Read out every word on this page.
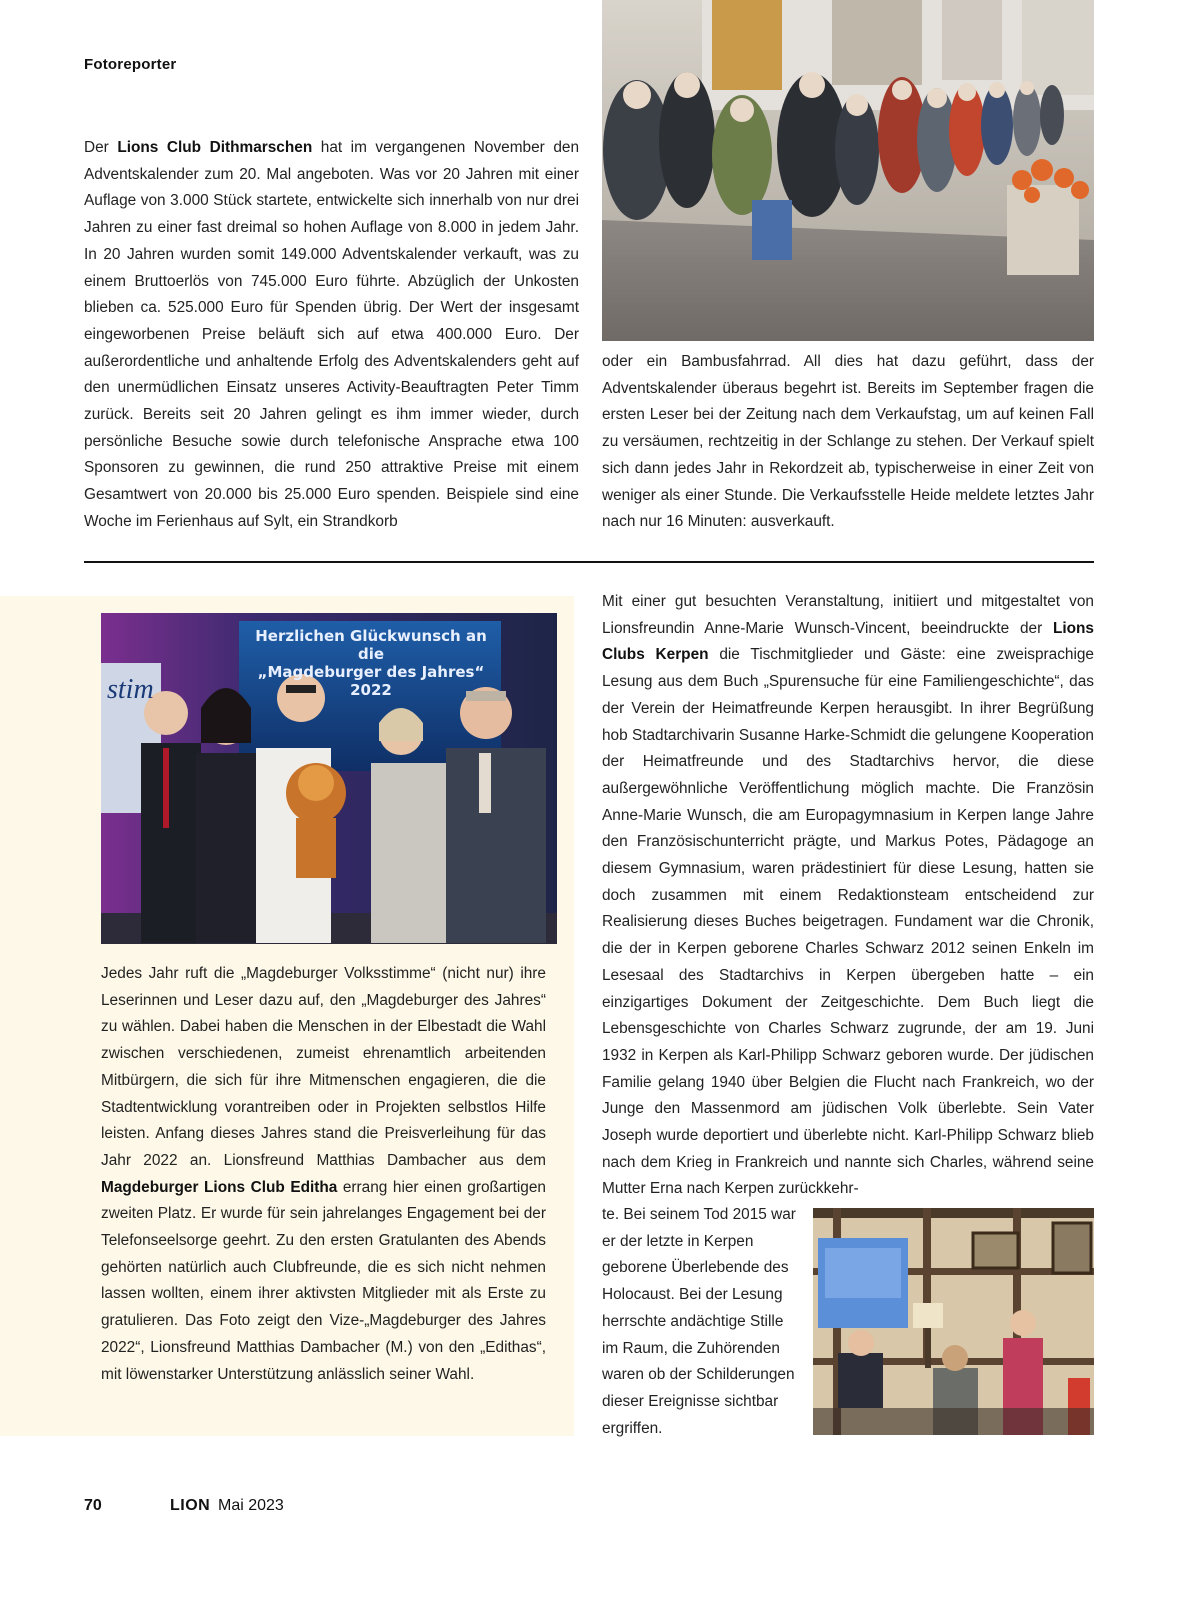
Fotoreporter

Der Lions Club Dithmarschen hat im vergangenen November den Adventskalender zum 20. Mal angeboten. Was vor 20 Jahren mit einer Auflage von 3.000 Stück startete, entwickelte sich innerhalb von nur drei Jahren zu einer fast dreimal so hohen Auflage von 8.000 in jedem Jahr. In 20 Jahren wurden somit 149.000 Adventskalender verkauft, was zu einem Bruttoerlös von 745.000 Euro führte. Abzüglich der Unkosten blieben ca. 525.000 Euro für Spenden übrig. Der Wert der insgesamt eingeworbenen Preise beläuft sich auf etwa 400.000 Euro. Der außerordentliche und anhaltende Erfolg des Adventskalenders geht auf den unermüdlichen Einsatz unseres Activity-Beauftragten Peter Timm zurück. Bereits seit 20 Jahren gelingt es ihm immer wieder, durch persönliche Besuche sowie durch telefonische Ansprache etwa 100 Sponsoren zu gewinnen, die rund 250 attraktive Preise mit einem Gesamtwert von 20.000 bis 25.000 Euro spenden. Beispiele sind eine Woche im Ferienhaus auf Sylt, ein Strandkorb

oder ein Bambusfahrrad. All dies hat dazu geführt, dass der Adventskalender überaus begehrt ist. Bereits im September fragen die ersten Leser bei der Zeitung nach dem Verkaufstag, um auf keinen Fall zu versäumen, rechtzeitig in der Schlange zu stehen. Der Verkauf spielt sich dann jedes Jahr in Rekordzeit ab, typischerweise in einer Zeit von weniger als einer Stunde. Die Verkaufsstelle Heide meldete letztes Jahr nach nur 16 Minuten: ausverkauft.

stim
Herzlichen Glückwunsch an die
„Magdeburger des Jahres“
2022

Jedes Jahr ruft die „Magdeburger Volksstimme“ (nicht nur) ihre Leserinnen und Leser dazu auf, den „Magdeburger des Jahres“ zu wählen. Dabei haben die Menschen in der Elbestadt die Wahl zwischen verschiedenen, zumeist ehrenamtlich arbeitenden Mitbürgern, die sich für ihre Mitmenschen engagieren, die die Stadtentwicklung vorantreiben oder in Projekten selbstlos Hilfe leisten. Anfang dieses Jahres stand die Preisverleihung für das Jahr 2022 an. Lionsfreund Matthias Dambacher aus dem Magdeburger Lions Club Editha errang hier einen großartigen zweiten Platz. Er wurde für sein jahrelanges Engagement bei der Telefonseelsorge geehrt. Zu den ersten Gratulanten des Abends gehörten natürlich auch Clubfreunde, die es sich nicht nehmen lassen wollten, einem ihrer aktivsten Mitglieder mit als Erste zu gratulieren. Das Foto zeigt den Vize-„Magdeburger des Jahres 2022“, Lionsfreund Matthias Dambacher (M.) von den „Edithas“, mit löwenstarker Unterstützung anlässlich seiner Wahl.

Mit einer gut besuchten Veranstaltung, initiiert und mitgestaltet von Lionsfreundin Anne-Marie Wunsch-Vincent, beeindruckte der Lions Clubs Kerpen die Tischmitglieder und Gäste: eine zweisprachige Lesung aus dem Buch „Spurensuche für eine Familiengeschichte“, das der Verein der Heimatfreunde Kerpen herausgibt. In ihrer Begrüßung hob Stadtarchivarin Susanne Harke-Schmidt die gelungene Kooperation der Heimatfreunde und des Stadtarchivs hervor, die diese außergewöhnliche Veröffentlichung möglich machte. Die Französin Anne-Marie Wunsch, die am Europagymnasium in Kerpen lange Jahre den Französischunterricht prägte, und Markus Potes, Pädagoge an diesem Gymnasium, waren prädestiniert für diese Lesung, hatten sie doch zusammen mit einem Redaktionsteam entscheidend zur Realisierung dieses Buches beigetragen. Fundament war die Chronik, die der in Kerpen geborene Charles Schwarz 2012 seinen Enkeln im Lesesaal des Stadtarchivs in Kerpen übergeben hatte – ein einzigartiges Dokument der Zeitgeschichte. Dem Buch liegt die Lebensgeschichte von Charles Schwarz zugrunde, der am 19. Juni 1932 in Kerpen als Karl-Philipp Schwarz geboren wurde. Der jüdischen Familie gelang 1940 über Belgien die Flucht nach Frankreich, wo der Junge den Massenmord am jüdischen Volk überlebte. Sein Vater Joseph wurde deportiert und überlebte nicht. Karl-Philipp Schwarz blieb nach dem Krieg in Frankreich und nannte sich Charles, während seine Mutter Erna nach Kerpen zurückkehr-

te. Bei seinem Tod 2015 war er der letzte in Kerpen geborene Überlebende des Holocaust. Bei der Lesung herrschte andächtige Stille im Raum, die Zuhörenden waren ob der Schilderungen dieser Ereignisse sichtbar ergriffen.

70	LION Mai 2023
